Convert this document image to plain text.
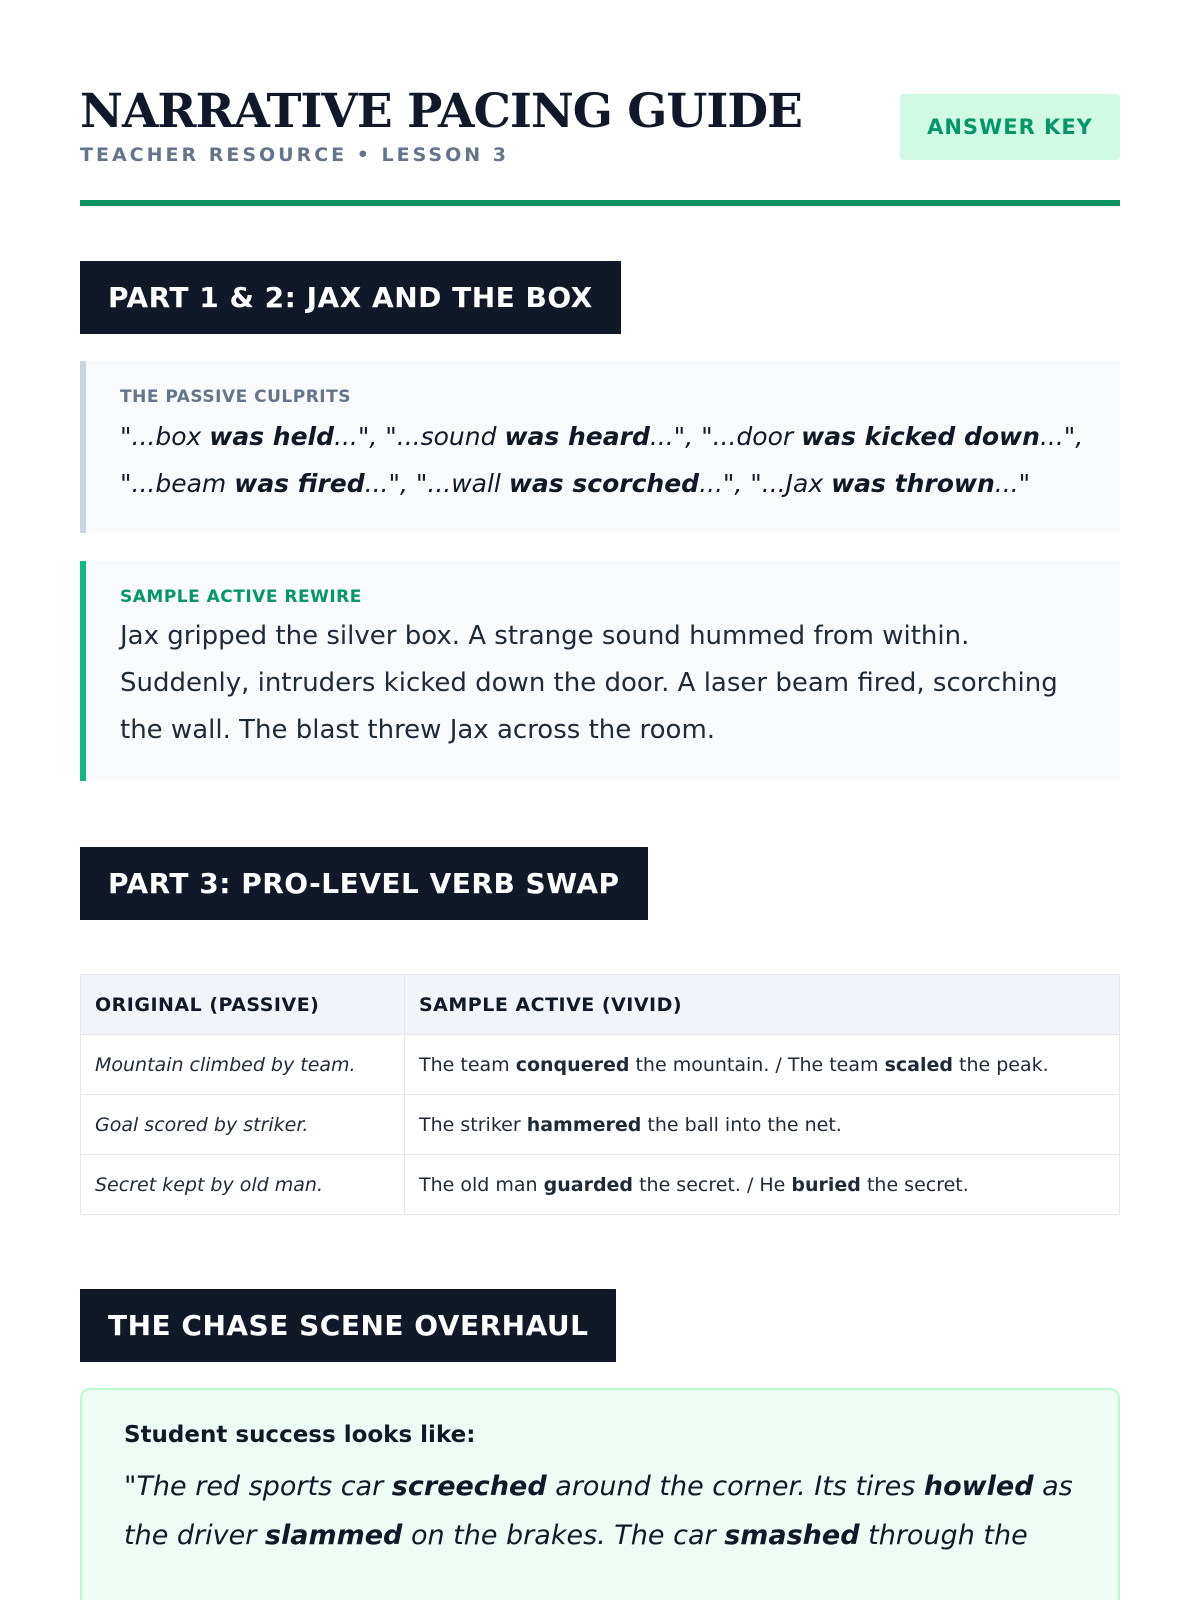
NARRATIVE PACING GUIDE
TEACHER RESOURCE • LESSON 3
ANSWER KEY
PART 1 & 2: JAX AND THE BOX
THE PASSIVE CULPRITS
"...box was held...", "...sound was heard...", "...door was kicked down...",
"...beam was fired...", "...wall was scorched...", "...Jax was thrown..."
SAMPLE ACTIVE REWIRE
Jax gripped the silver box. A strange sound hummed from within. Suddenly, intruders kicked down the door. A laser beam fired, scorching the wall. The blast threw Jax across the room.
PART 3: PRO-LEVEL VERB SWAP
ORIGINAL (PASSIVE)	SAMPLE ACTIVE (VIVID)
Mountain climbed by team.	The team conquered the mountain. / The team scaled the peak.
Goal scored by striker.	The striker hammered the ball into the net.
Secret kept by old man.	The old man guarded the secret. / He buried the secret.
THE CHASE SCENE OVERHAUL
Student success looks like:
"The red sports car screeched around the corner. Its tires howled as the driver slammed on the brakes. The car smashed through the
